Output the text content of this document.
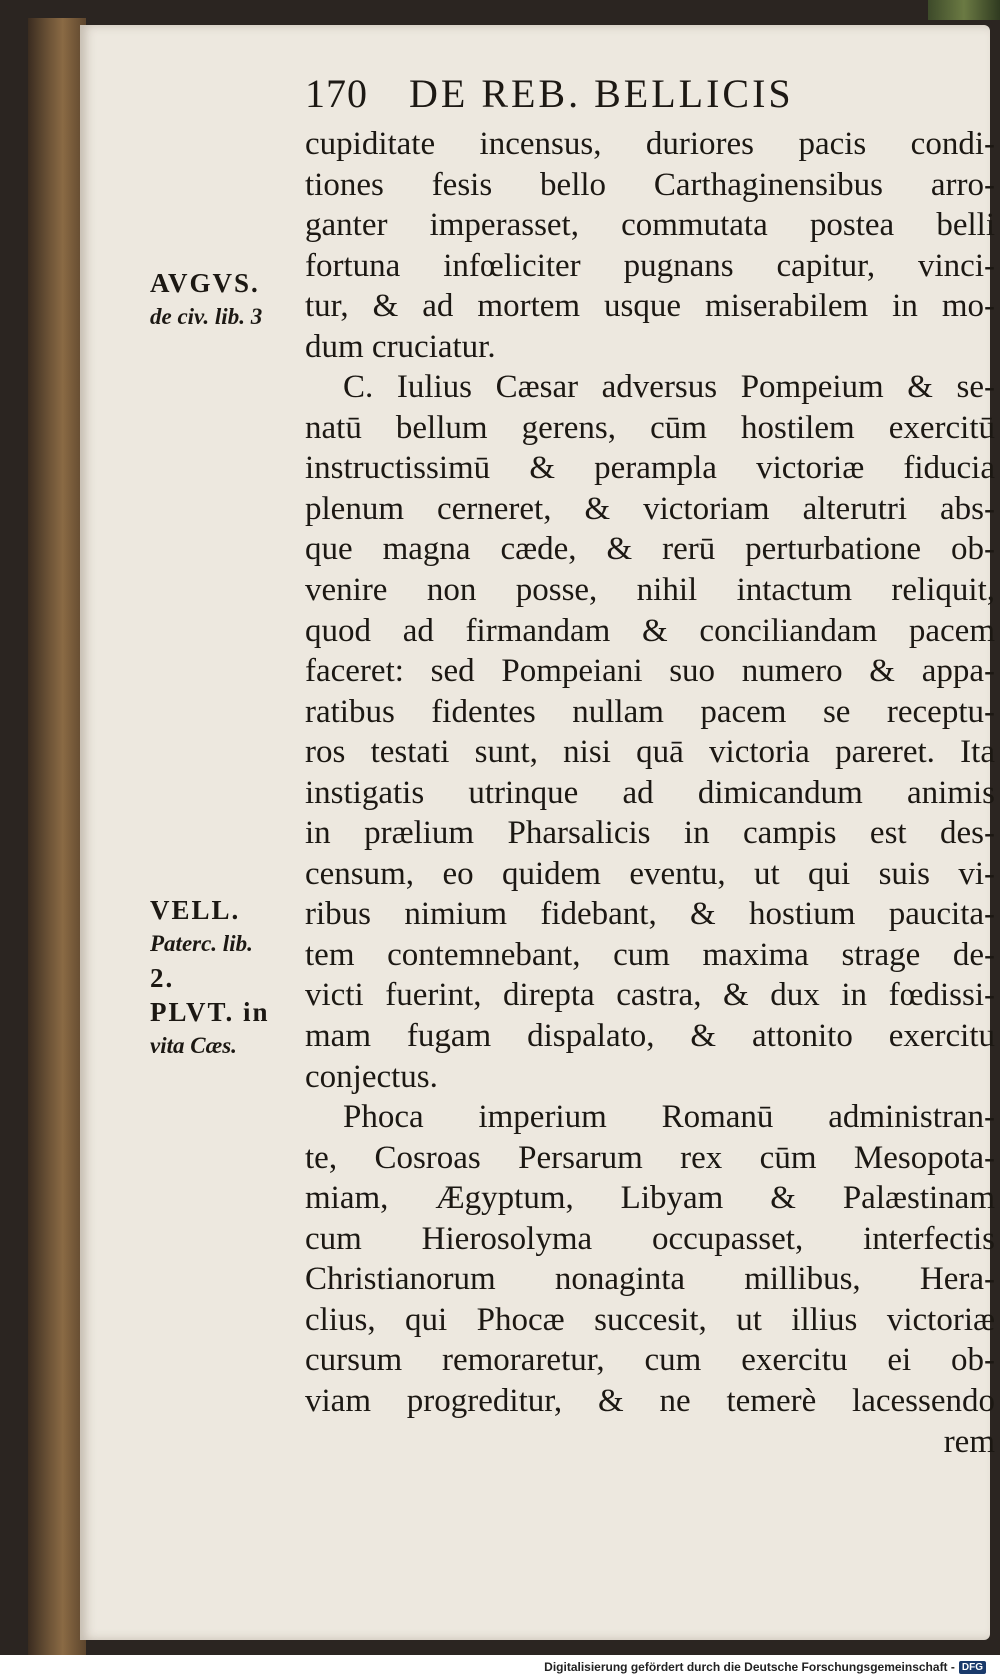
170 DE REB. BELLICIS
cupiditate incensus, duriores pacis condi-
tiones fesis bello Carthaginensibus arro-
ganter imperasset, commutata postea belli
fortuna infœliciter pugnans capitur, vinci-
tur, & ad mortem usque miserabilem in mo-
dum cruciatur.
C. Iulius Cæsar adversus Pompeium & se-
natū bellum gerens, cūm hostilem exercitū
instructissimū & perampla victoriæ fiducia
plenum cerneret, & victoriam alterutri abs-
que magna cæde, & rerū perturbatione ob-
venire non posse, nihil intactum reliquit,
quod ad firmandam & conciliandam pacem
faceret: sed Pompeiani suo numero & appa-
ratibus fidentes nullam pacem se receptu-
ros testati sunt, nisi quā victoria pareret. Ita
instigatis utrinque ad dimicandum animis
in prælium Pharsalicis in campis est des-
censum, eo quidem eventu, ut qui suis vi-
ribus nimium fidebant, & hostium paucita-
tem contemnebant, cum maxima strage de-
victi fuerint, direpta castra, & dux in fœdissi-
mam fugam dispalato, & attonito exercitu
conjectus.
Phoca imperium Romanū administran-
te, Cosroas Persarum rex cūm Mesopota-
miam, Ægyptum, Libyam & Palæstinam
cum Hierosolyma occupasset, interfectis
Christianorum nonaginta millibus, Hera-
clius, qui Phocæ succesit, ut illius victoriæ
cursum remoraretur, cum exercitu ei ob-
viam progreditur, & ne temerè lacessendo
rem
AVGVS.
de civ. lib. 3
VELL.
Paterc. lib.
2.
PLVT. in
vita Cæs.
Digitalisierung gefördert durch die Deutsche Forschungsgemeinschaft - DFG
